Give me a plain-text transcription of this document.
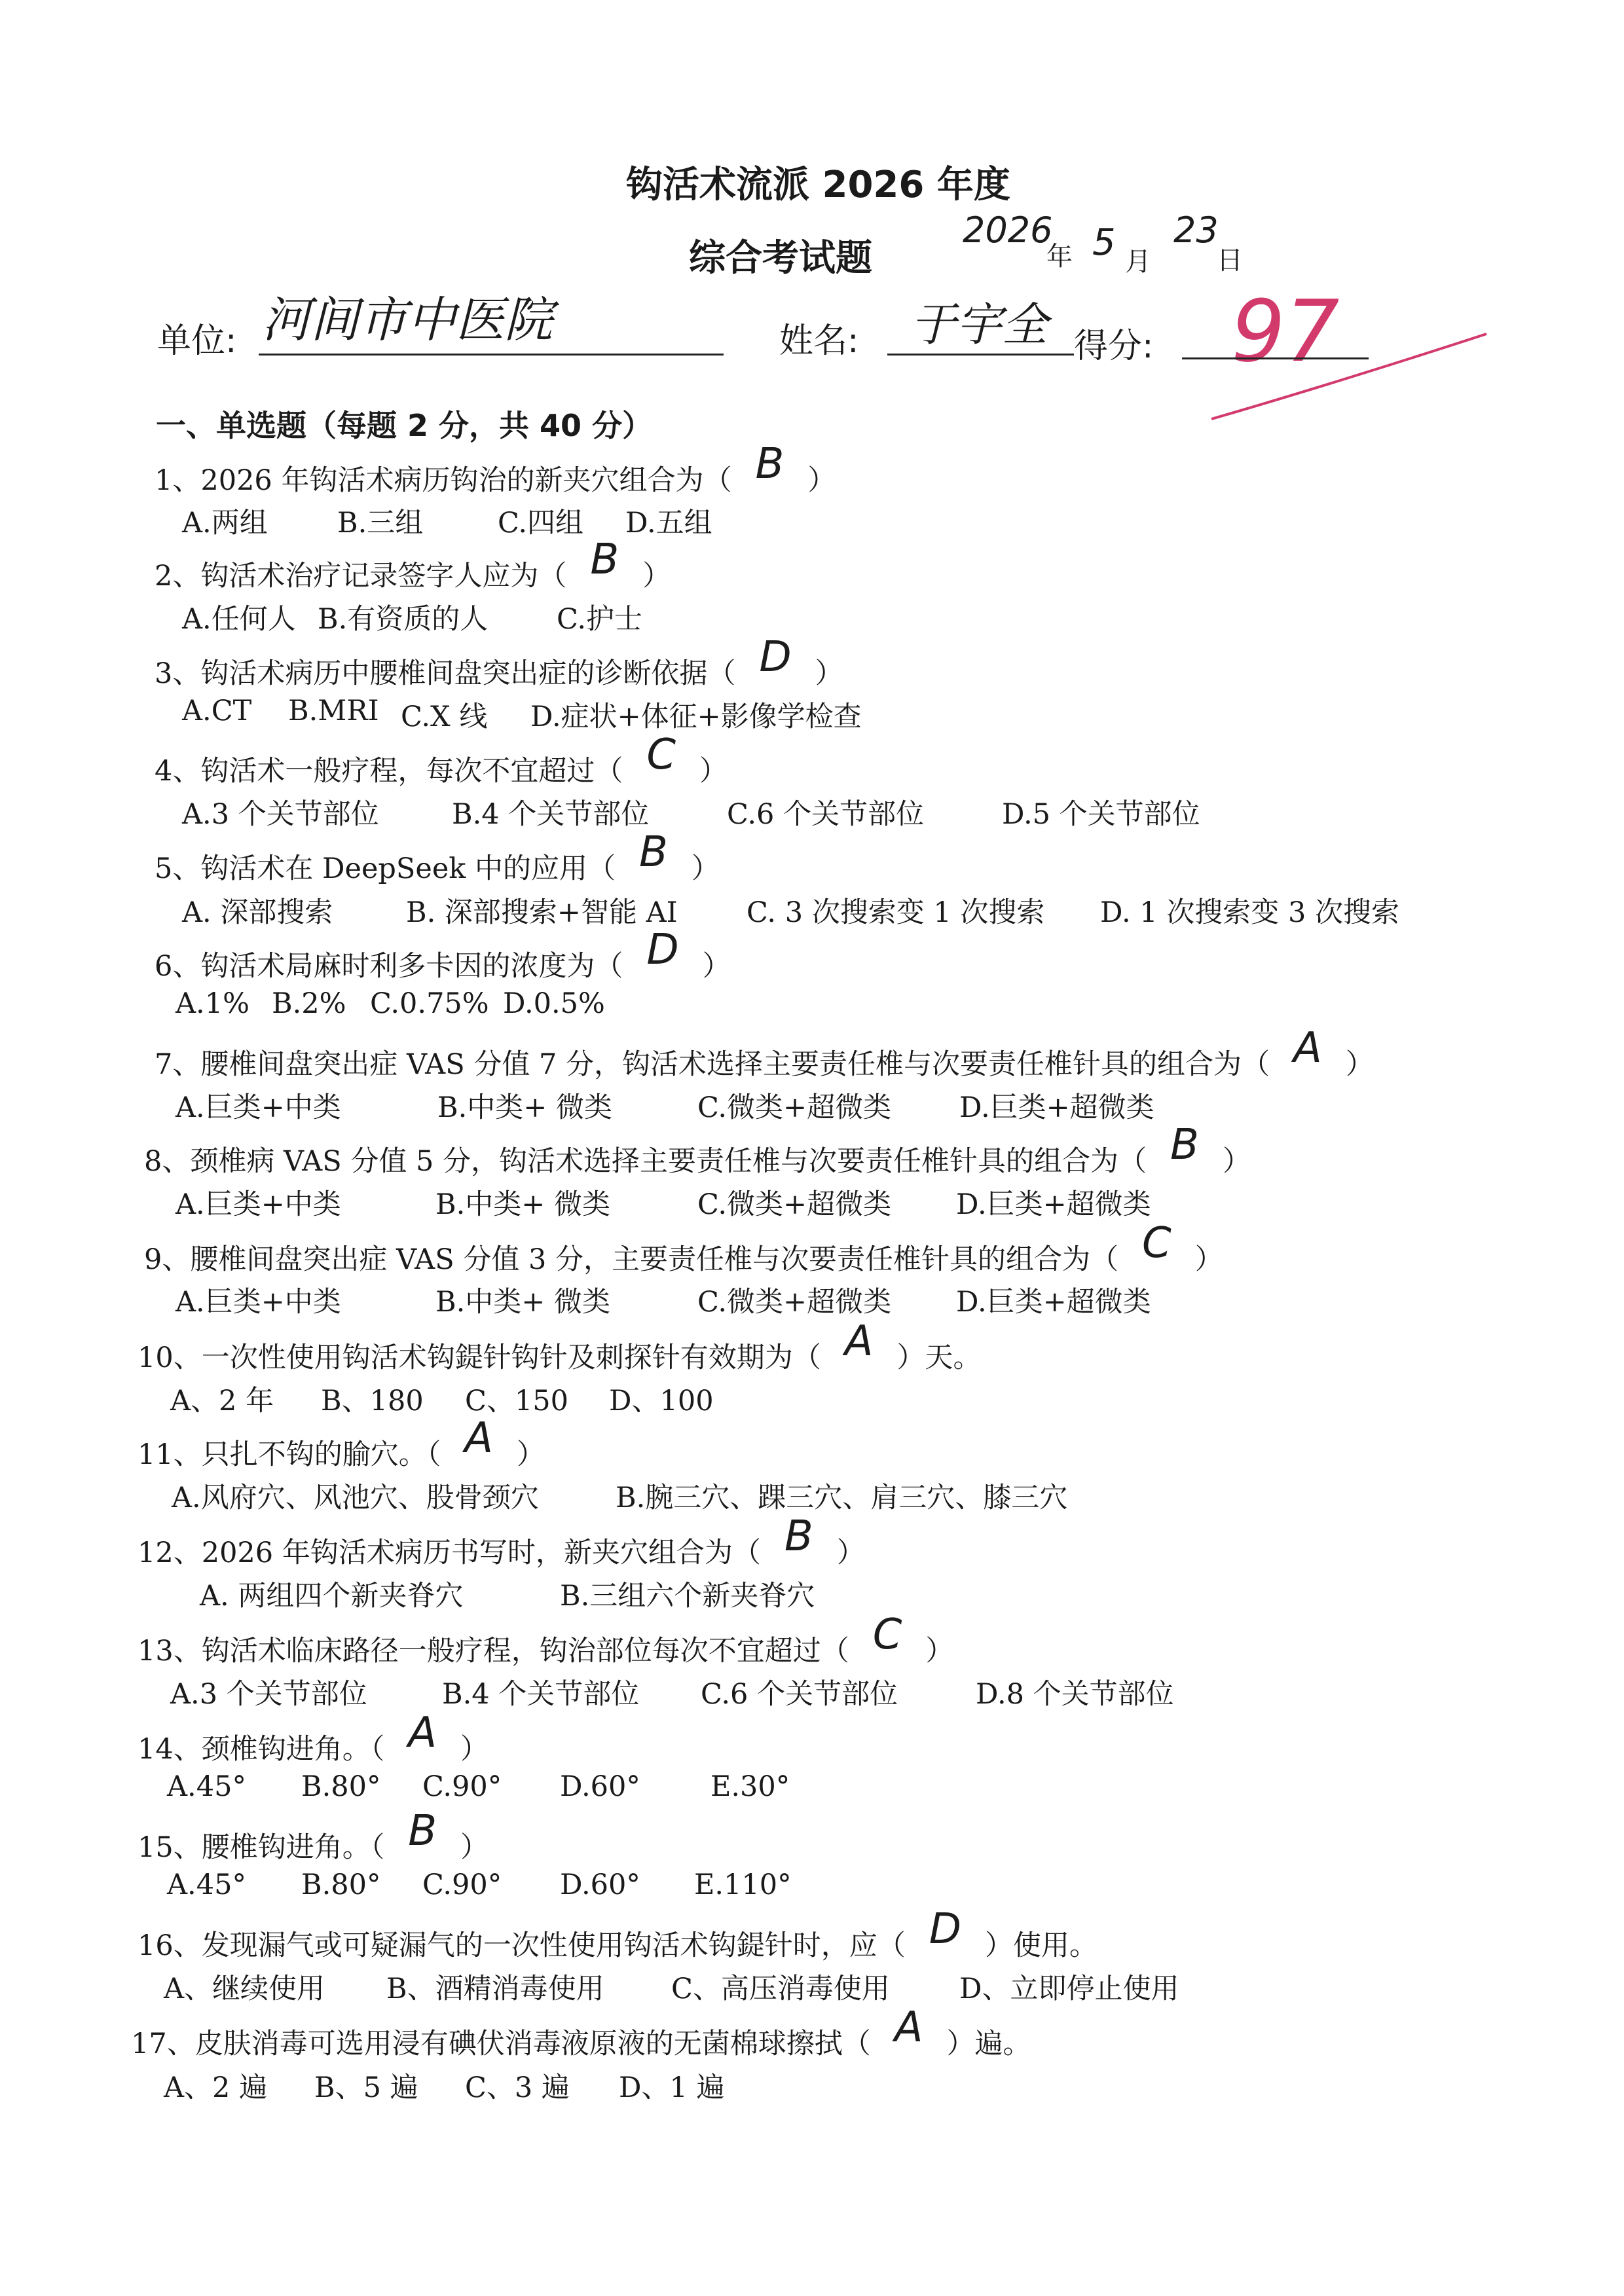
钩活术流派 2026 年度
综合考试题
2026
年 5 月
23
日
单位: 河间市中医院	姓名: 于宇全 得分: 97
一、单选题（每题 2 分，共 40 分）
1、2026 年钩活术病历钩治的新夹穴组合为（ B ）
A.两组 B.三组	C.四组 D.五组
2、钩活术治疗记录签字人应为（ B ）
A.任何人 B.有资质的人 C.护士
3、钩活术病历中腰椎间盘突出症的诊断依据（ D ）
A.CT B.MRI C.X 线 D.症状+体征+影像学检查
4、钩活术一般疗程，每次不宜超过（ C ）
A.3 个关节部位	B.4 个关节部位	C.6 个关节部位	D.5 个关节部位
5、钩活术在 DeepSeek 中的应用（ B ）
A. 深部搜索	B. 深部搜索+智能 AI C. 3 次搜索变 1 次搜索 D. 1 次搜索变 3 次搜索
6、钩活术局麻时利多卡因的浓度为（ D ）
A.1% B.2% C.0.75% D.0.5%
7、腰椎间盘突出症 VAS 分值 7 分，钩活术选择主要责任椎与次要责任椎针具的组合为（ A ）
A.巨类+中类	B.中类+ 微类	C.微类+超微类 D.巨类+超微类
8、颈椎病 VAS 分值 5 分，钩活术选择主要责任椎与次要责任椎针具的组合为（ B ）
A.巨类+中类	B.中类+ 微类	C.微类+超微类 D.巨类+超微类
9、腰椎间盘突出症 VAS 分值 3 分，主要责任椎与次要责任椎针具的组合为（ C ）
A.巨类+中类	B.中类+ 微类	C.微类+超微类 D.巨类+超微类
10、一次性使用钩活术钩鍉针钩针及刺探针有效期为（ A ）天。
A、2 年 B、180 C、150 D、100
11、只扎不钩的腧穴。（ A ）
A.风府穴、风池穴、股骨颈穴	B.腕三穴、踝三穴、肩三穴、膝三穴
12、2026 年钩活术病历书写时，新夹穴组合为（ B ）
A. 两组四个新夹脊穴	B.三组六个新夹脊穴
13、钩活术临床路径一般疗程，钩治部位每次不宜超过（ C ）
A.3 个关节部位	B.4 个关节部位 C.6 个关节部位	D.8 个关节部位
14、颈椎钩进角。（ A ）
A.45° B.80° C.90° D.60° E.30°
15、腰椎钩进角。（ B ）
A.45° B.80° C.90° D.60° E.110°
16、发现漏气或可疑漏气的一次性使用钩活术钩鍉针时，应（ D ）使用。
A、继续使用 B、酒精消毒使用 C、高压消毒使用 D、立即停止使用
17、皮肤消毒可选用浸有碘伏消毒液原液的无菌棉球擦拭（ A ）遍。
A、2 遍 B、5 遍 C、3 遍 D、1 遍
